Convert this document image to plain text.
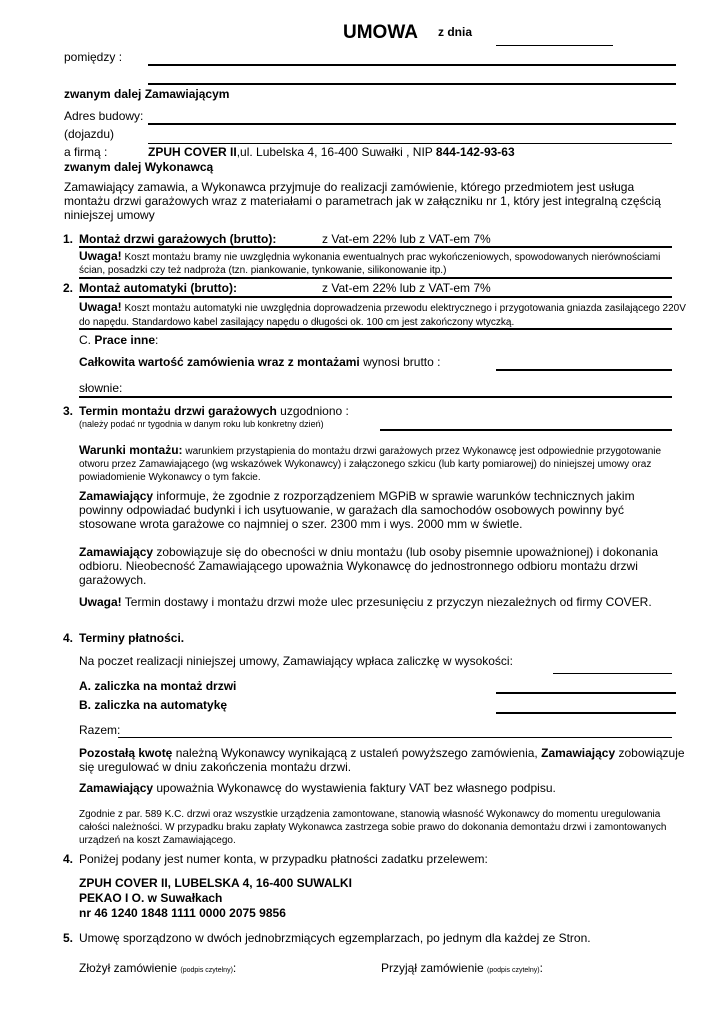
UMOWA z dnia
pomiędzy :
zwanym dalej Zamawiającym
Adres budowy:
(dojazdu)
a firmą :	ZPUH COVER II,ul. Lubelska 4, 16-400 Suwałki , NIP 844-142-93-63
zwanym dalej Wykonawcą
Zamawiający zamawia, a Wykonawca przyjmuje do realizacji zamówienie, którego przedmiotem jest usługa montażu drzwi garażowych wraz z materiałami o parametrach jak w załączniku nr 1, który jest integralną częścią niniejszej umowy
1. Montaż drzwi garażowych (brutto):	z Vat-em 22% lub z VAT-em 7%
Uwaga! Koszt montażu bramy nie uwzględnia wykonania ewentualnych prac wykończeniowych, spowodowanych nierównościami ścian, posadzki czy też nadproża (tzn. piankowanie, tynkowanie, silikonowanie itp.)
2. Montaż automatyki (brutto):	z Vat-em 22% lub z VAT-em 7%
Uwaga! Koszt montażu automatyki nie uwzględnia doprowadzenia przewodu elektrycznego i przygotowania gniazda zasilającego 220V do napędu. Standardowo kabel zasilający napędu o długości ok. 100 cm jest zakończony wtyczką.
C. Prace inne:
Całkowita wartość zamówienia wraz z montażami wynosi brutto :
słownie:
3. Termin montażu drzwi garażowych uzgodniono :
(należy podać nr tygodnia w danym roku lub konkretny dzień)
Warunki montażu: warunkiem przystąpienia do montażu drzwi garażowych przez Wykonawcę jest odpowiednie przygotowanie otworu przez Zamawiającego (wg wskazówek Wykonawcy) i załączonego szkicu (lub karty pomiarowej) do niniejszej umowy oraz powiadomienie Wykonawcy o tym fakcie.
Zamawiający informuje, że zgodnie z rozporządzeniem MGPiB w sprawie warunków technicznych jakim powinny odpowiadać budynki i ich usytuowanie, w garażach dla samochodów osobowych powinny być stosowane wrota garażowe co najmniej o szer. 2300 mm i wys. 2000 mm w świetle.
Zamawiający zobowiązuje się do obecności w dniu montażu (lub osoby pisemnie upoważnionej) i dokonania odbioru. Nieobecność Zamawiającego upoważnia Wykonawcę do jednostronnego odbioru montażu drzwi garażowych.
Uwaga! Termin dostawy i montażu drzwi może ulec przesunięciu z przyczyn niezależnych od firmy COVER.
4. Terminy płatności.
Na poczet realizacji niniejszej umowy, Zamawiający wpłaca zaliczkę w wysokości:
A. zaliczka na montaż drzwi
B. zaliczka na automatykę
Razem:
Pozostałą kwotę należną Wykonawcy wynikającą z ustaleń powyższego zamówienia, Zamawiający zobowiązuje się uregulować w dniu zakończenia montażu drzwi.
Zamawiający upoważnia Wykonawcę do wystawienia faktury VAT bez własnego podpisu.
Zgodnie z par. 589 K.C. drzwi oraz wszystkie urządzenia zamontowane, stanowią własność Wykonawcy do momentu uregulowania całości należności. W przypadku braku zapłaty Wykonawca zastrzega sobie prawo do dokonania demontażu drzwi i zamontowanych urządzeń na koszt Zamawiającego.
4. Poniżej podany jest numer konta, w przypadku płatności zadatku przelewem:
ZPUH COVER II, LUBELSKA 4, 16-400 SUWALKI
PEKAO I O. w Suwałkach
nr 46 1240 1848 1111 0000 2075 9856
5. Umowę sporządzono w dwóch jednobrzmiących egzemplarzach, po jednym dla każdej ze Stron.
Złożył zamówienie (podpis czytelny):	Przyjął zamówienie (podpis czytelny):
